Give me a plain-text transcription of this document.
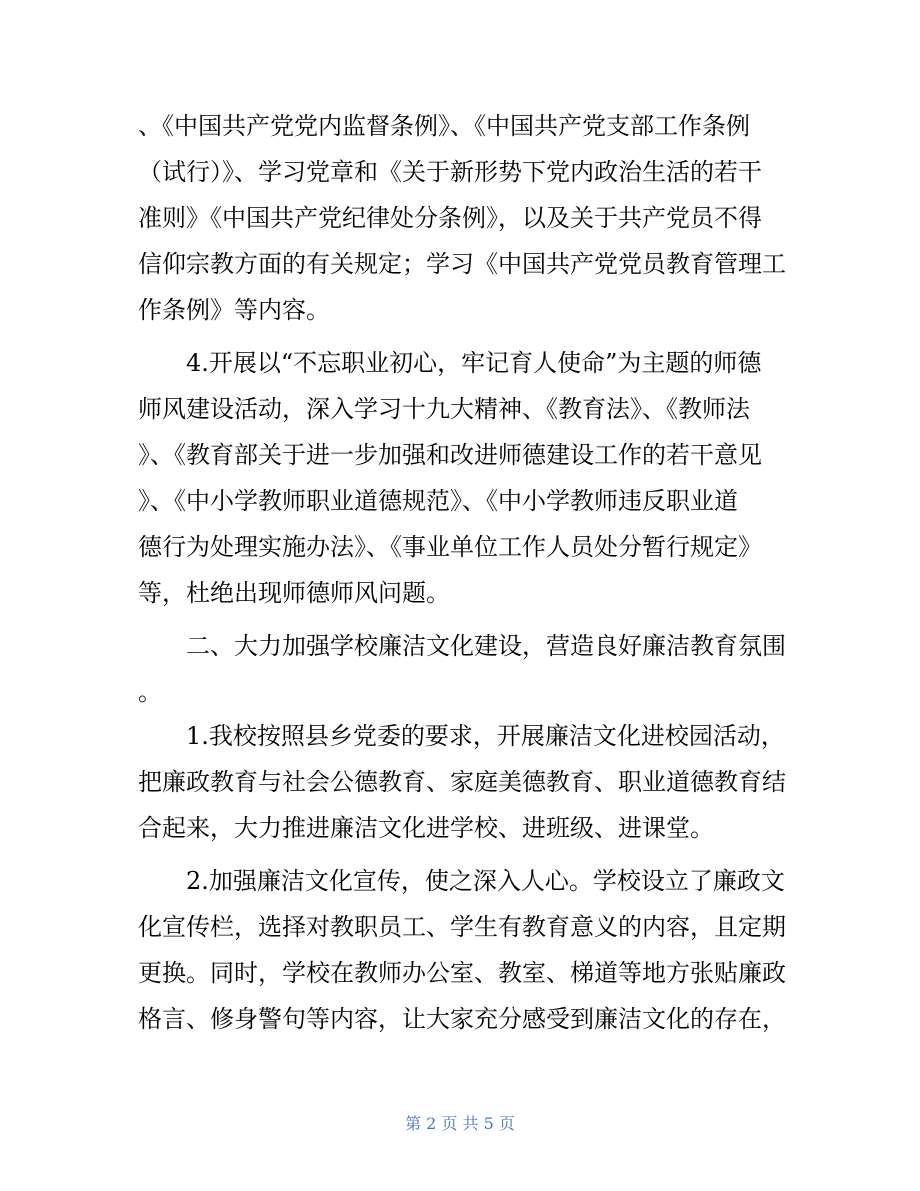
、《中国共产党党内监督条例》、《中国共产党支部工作条例
（试行）》、学习党章和《关于新形势下党内政治生活的若干
准则》《中国共产党纪律处分条例》，以及关于共产党员不得
信仰宗教方面的有关规定；学习《中国共产党党员教育管理工
作条例》等内容。
4.开展以“不忘职业初心，牢记育人使命”为主题的师德
师风建设活动，深入学习十九大精神、《教育法》、《教师法
》、《教育部关于进一步加强和改进师德建设工作的若干意见
》、《中小学教师职业道德规范》、《中小学教师违反职业道
德行为处理实施办法》、《事业单位工作人员处分暂行规定》
等，杜绝出现师德师风问题。
二、大力加强学校廉洁文化建设，营造良好廉洁教育氛围
。
1.我校按照县乡党委的要求，开展廉洁文化进校园活动，
把廉政教育与社会公德教育、家庭美德教育、职业道德教育结
合起来，大力推进廉洁文化进学校、进班级、进课堂。
2.加强廉洁文化宣传，使之深入人心。学校设立了廉政文
化宣传栏，选择对教职员工、学生有教育意义的内容，且定期
更换。同时，学校在教师办公室、教室、梯道等地方张贴廉政
格言、修身警句等内容，让大家充分感受到廉洁文化的存在，
第 2 页 共 5 页
